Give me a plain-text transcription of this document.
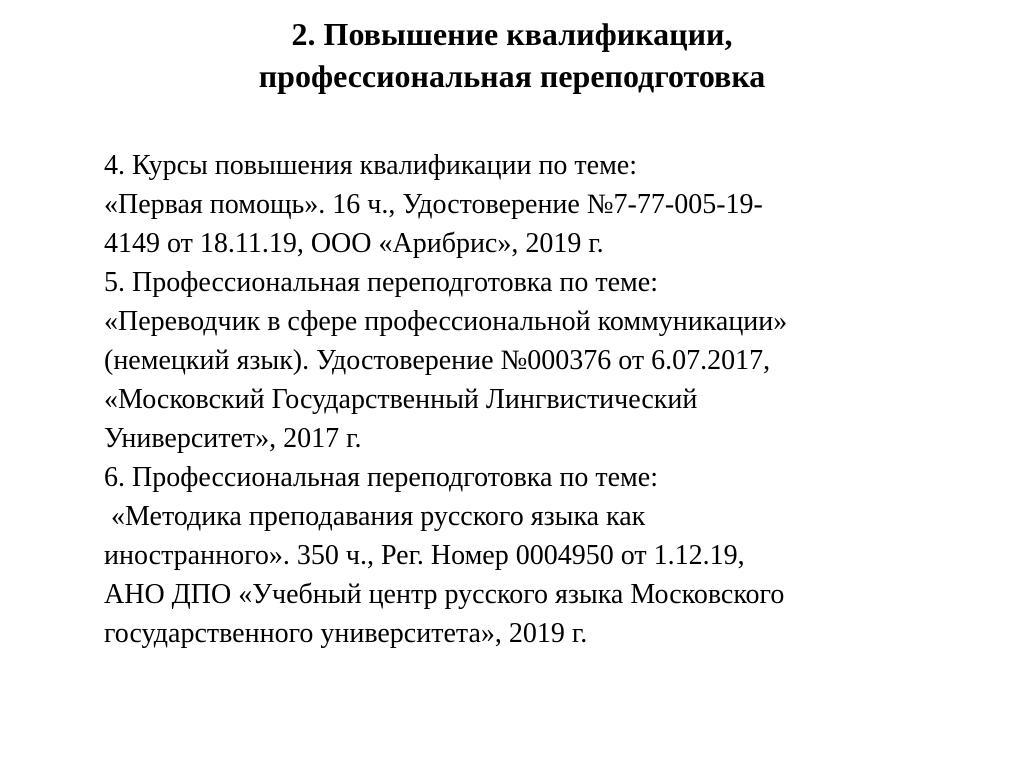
2. Повышение квалификации,
профессиональная переподготовка
4. Курсы повышения квалификации по теме:
«Первая помощь». 16 ч., Удостоверение №7-77-005-19-
4149 от 18.11.19, ООО «Арибрис», 2019 г.
5. Профессиональная переподготовка по теме:
«Переводчик в сфере профессиональной коммуникации»
(немецкий язык). Удостоверение №000376 от 6.07.2017,
«Московский Государственный Лингвистический
Университет», 2017 г.
6. Профессиональная переподготовка по теме:
«Методика преподавания русского языка как
иностранного». 350 ч., Рег. Номер 0004950 от 1.12.19,
АНО ДПО «Учебный центр русского языка Московского
государственного университета», 2019 г.
